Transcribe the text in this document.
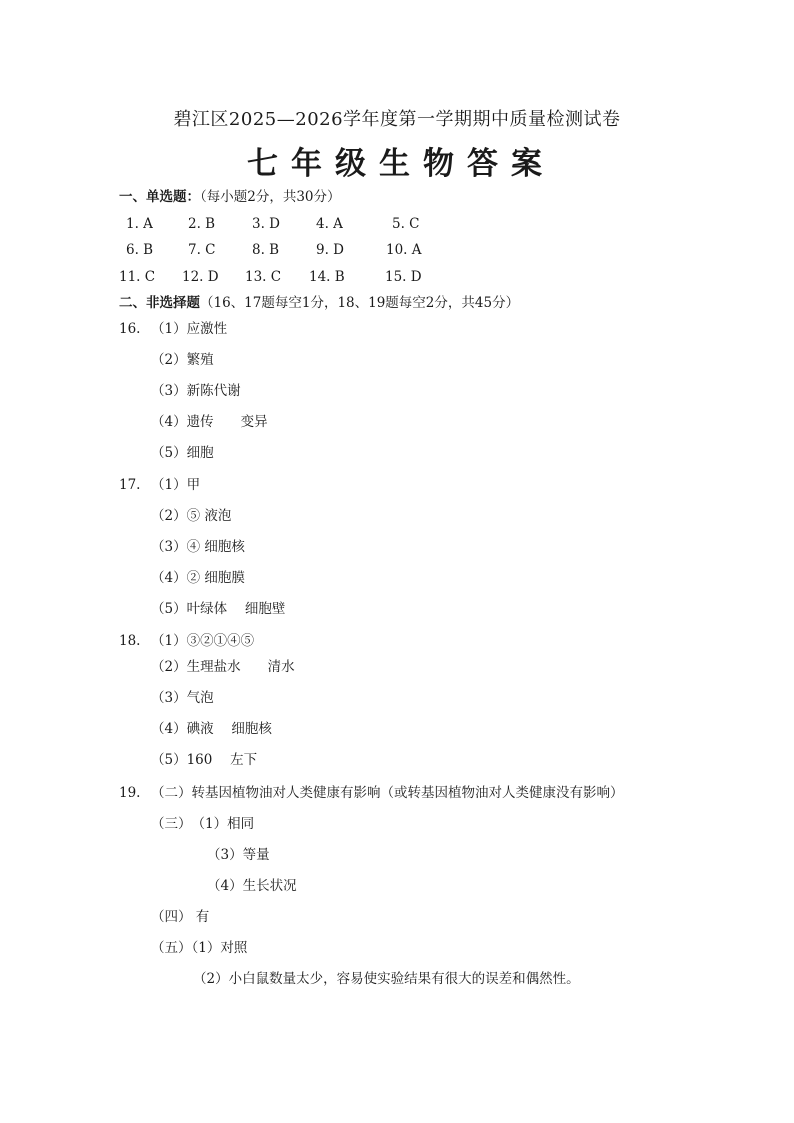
碧江区2025—2026学年度第一学期期中质量检测试卷
七年级生物答案
一、单选题：（每小题2分，共30分）
1. A	2. B	3. D	4. A	5. C
6. B	7. C	8. B	9. D	10. A
11. C 12. D 13. C 14. B	15. D
二、非选择题（16、17题每空1分，18、19题每空2分，共45分）
16. （1）应激性
（2）繁殖
（3）新陈代谢
（4）遗传　　变异
（5）细胞
17. （1）甲
（2）⑤ 液泡
（3）④ 细胞核
（4）② 细胞膜
（5）叶绿体　 细胞壁
18. （1）③②①④⑤
（2）生理盐水　　清水
（3）气泡
（4）碘液　 细胞核
（5）160　 左下
19. （二）转基因植物油对人类健康有影响（或转基因植物油对人类健康没有影响）
（三）　（1）相同
（3）等量
（4）生长状况
（四） 有
（五）（1）对照
（2）小白鼠数量太少，容易使实验结果有很大的误差和偶然性。
